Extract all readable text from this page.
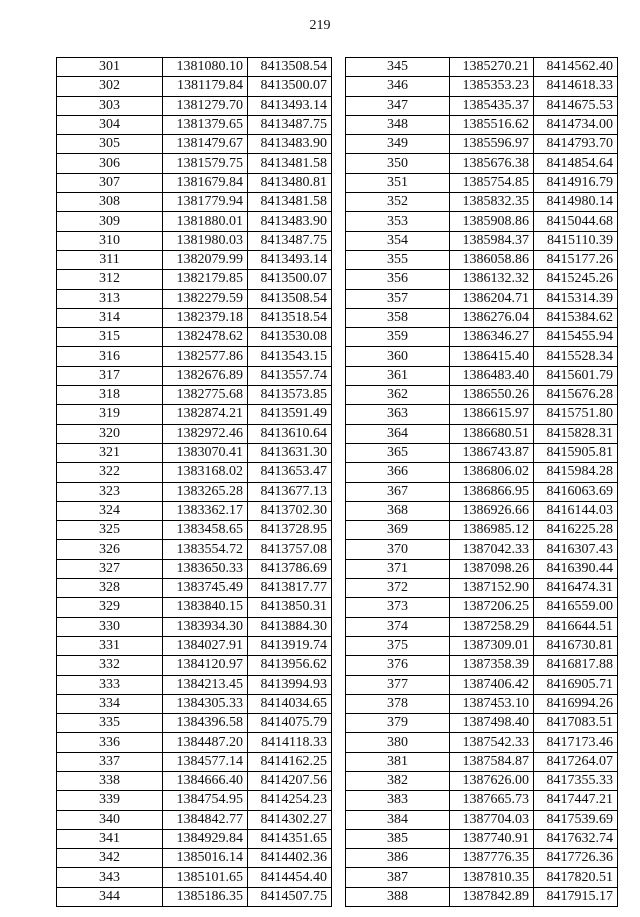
219
301	1381080.10	8413508.54
302	1381179.84	8413500.07
303	1381279.70	8413493.14
304	1381379.65	8413487.75
305	1381479.67	8413483.90
306	1381579.75	8413481.58
307	1381679.84	8413480.81
308	1381779.94	8413481.58
309	1381880.01	8413483.90
310	1381980.03	8413487.75
311	1382079.99	8413493.14
312	1382179.85	8413500.07
313	1382279.59	8413508.54
314	1382379.18	8413518.54
315	1382478.62	8413530.08
316	1382577.86	8413543.15
317	1382676.89	8413557.74
318	1382775.68	8413573.85
319	1382874.21	8413591.49
320	1382972.46	8413610.64
321	1383070.41	8413631.30
322	1383168.02	8413653.47
323	1383265.28	8413677.13
324	1383362.17	8413702.30
325	1383458.65	8413728.95
326	1383554.72	8413757.08
327	1383650.33	8413786.69
328	1383745.49	8413817.77
329	1383840.15	8413850.31
330	1383934.30	8413884.30
331	1384027.91	8413919.74
332	1384120.97	8413956.62
333	1384213.45	8413994.93
334	1384305.33	8414034.65
335	1384396.58	8414075.79
336	1384487.20	8414118.33
337	1384577.14	8414162.25
338	1384666.40	8414207.56
339	1384754.95	8414254.23
340	1384842.77	8414302.27
341	1384929.84	8414351.65
342	1385016.14	8414402.36
343	1385101.65	8414454.40
344	1385186.35	8414507.75
345	1385270.21	8414562.40
346	1385353.23	8414618.33
347	1385435.37	8414675.53
348	1385516.62	8414734.00
349	1385596.97	8414793.70
350	1385676.38	8414854.64
351	1385754.85	8414916.79
352	1385832.35	8414980.14
353	1385908.86	8415044.68
354	1385984.37	8415110.39
355	1386058.86	8415177.26
356	1386132.32	8415245.26
357	1386204.71	8415314.39
358	1386276.04	8415384.62
359	1386346.27	8415455.94
360	1386415.40	8415528.34
361	1386483.40	8415601.79
362	1386550.26	8415676.28
363	1386615.97	8415751.80
364	1386680.51	8415828.31
365	1386743.87	8415905.81
366	1386806.02	8415984.28
367	1386866.95	8416063.69
368	1386926.66	8416144.03
369	1386985.12	8416225.28
370	1387042.33	8416307.43
371	1387098.26	8416390.44
372	1387152.90	8416474.31
373	1387206.25	8416559.00
374	1387258.29	8416644.51
375	1387309.01	8416730.81
376	1387358.39	8416817.88
377	1387406.42	8416905.71
378	1387453.10	8416994.26
379	1387498.40	8417083.51
380	1387542.33	8417173.46
381	1387584.87	8417264.07
382	1387626.00	8417355.33
383	1387665.73	8417447.21
384	1387704.03	8417539.69
385	1387740.91	8417632.74
386	1387776.35	8417726.36
387	1387810.35	8417820.51
388	1387842.89	8417915.17
